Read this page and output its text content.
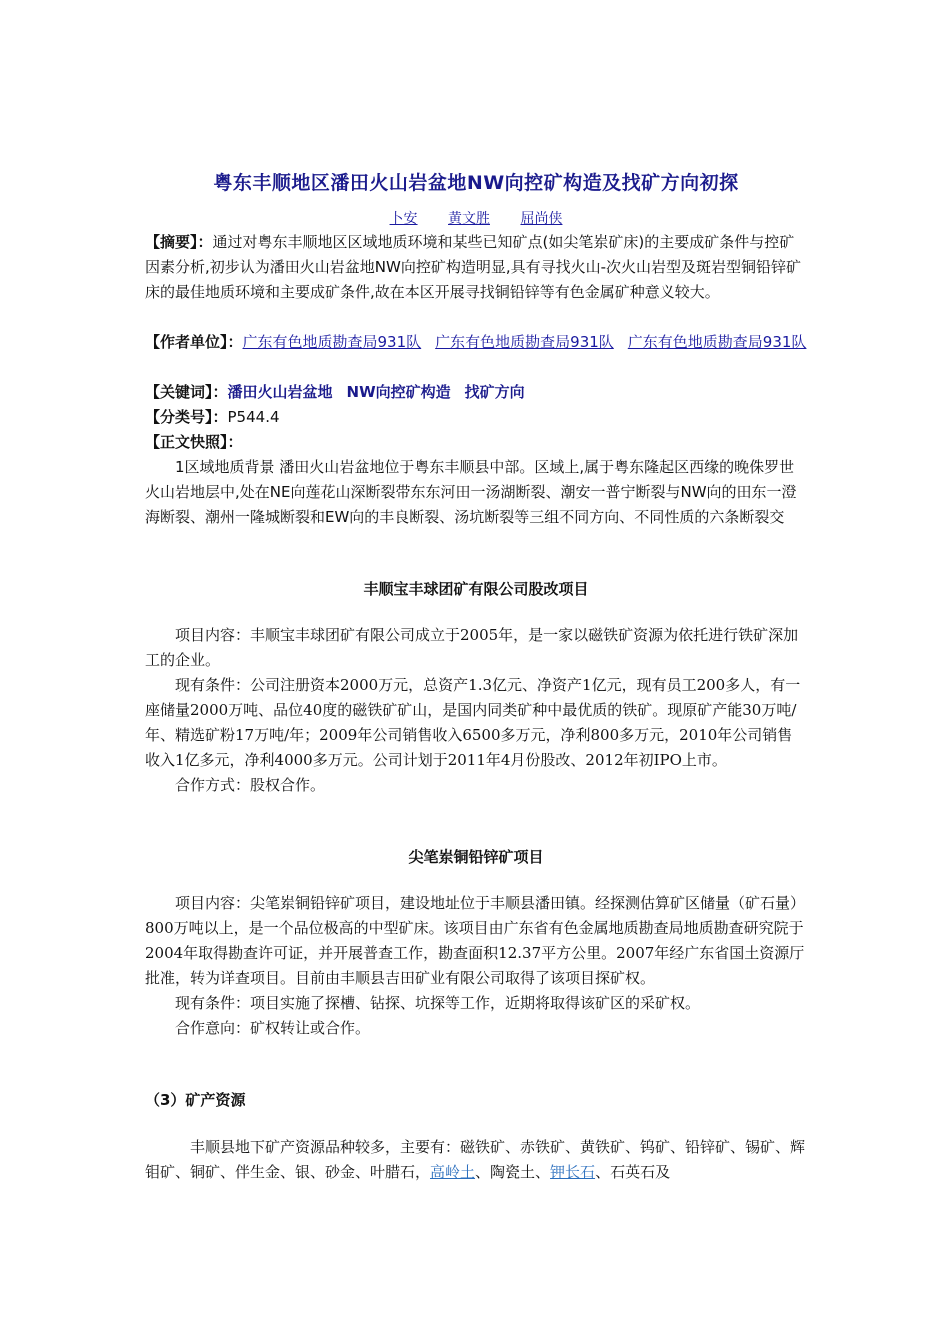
粤东丰顺地区潘田火山岩盆地NW向控矿构造及找矿方向初探
卜安 黄文胜 屈尚侠
【摘要】：通过对粤东丰顺地区区域地质环境和某些已知矿点(如尖笔岽矿床)的主要成矿条件与控矿因素分析,初步认为潘田火山岩盆地NW向控矿构造明显,具有寻找火山-次火山岩型及斑岩型铜铅锌矿床的最佳地质环境和主要成矿条件,故在本区开展寻找铜铅锌等有色金属矿种意义较大。
【作者单位】：广东有色地质勘查局931队 广东有色地质勘查局931队 广东有色地质勘查局931队
【关键词】：潘田火山岩盆地 NW向控矿构造 找矿方向
【分类号】：P544.4
【正文快照】：
1区域地质背景 潘田火山岩盆地位于粤东丰顺县中部。区域上,属于粤东隆起区西缘的晚侏罗世火山岩地层中,处在NE向莲花山深断裂带东东河田一汤湖断裂、潮安一普宁断裂与NW向的田东一澄海断裂、潮州一隆城断裂和EW向的丰良断裂、汤坑断裂等三组不同方向、不同性质的六条断裂交
丰顺宝丰球团矿有限公司股改项目

项目内容：丰顺宝丰球团矿有限公司成立于2005年，是一家以磁铁矿资源为依托进行铁矿深加工的企业。

现有条件：公司注册资本2000万元，总资产1.3亿元、净资产1亿元，现有员工200多人，有一座储量2000万吨、品位40度的磁铁矿矿山，是国内同类矿种中最优质的铁矿。现原矿产能30万吨/年、精选矿粉17万吨/年；2009年公司销售收入6500多万元，净利800多万元，2010年公司销售收入1亿多元，净利4000多万元。公司计划于2011年4月份股改、2012年初IPO上市。

合作方式：股权合作。

尖笔岽铜铅锌矿项目

项目内容：尖笔岽铜铅锌矿项目，建设地址位于丰顺县潘田镇。经探测估算矿区储量（矿石量）800万吨以上，是一个品位极高的中型矿床。该项目由广东省有色金属地质勘查局地质勘查研究院于2004年取得勘查许可证，并开展普查工作，勘查面积12.37平方公里。2007年经广东省国土资源厅批准，转为详查项目。目前由丰顺县吉田矿业有限公司取得了该项目探矿权。

现有条件：项目实施了探槽、钻探、坑探等工作，近期将取得该矿区的采矿权。

合作意向：矿权转让或合作。

（3）矿产资源
丰顺县地下矿产资源品种较多，主要有：磁铁矿、赤铁矿、黄铁矿、钨矿、铅锌矿、锡矿、辉钼矿、铜矿、伴生金、银、砂金、叶腊石，高岭土、陶瓷土、钾长石、石英石及
